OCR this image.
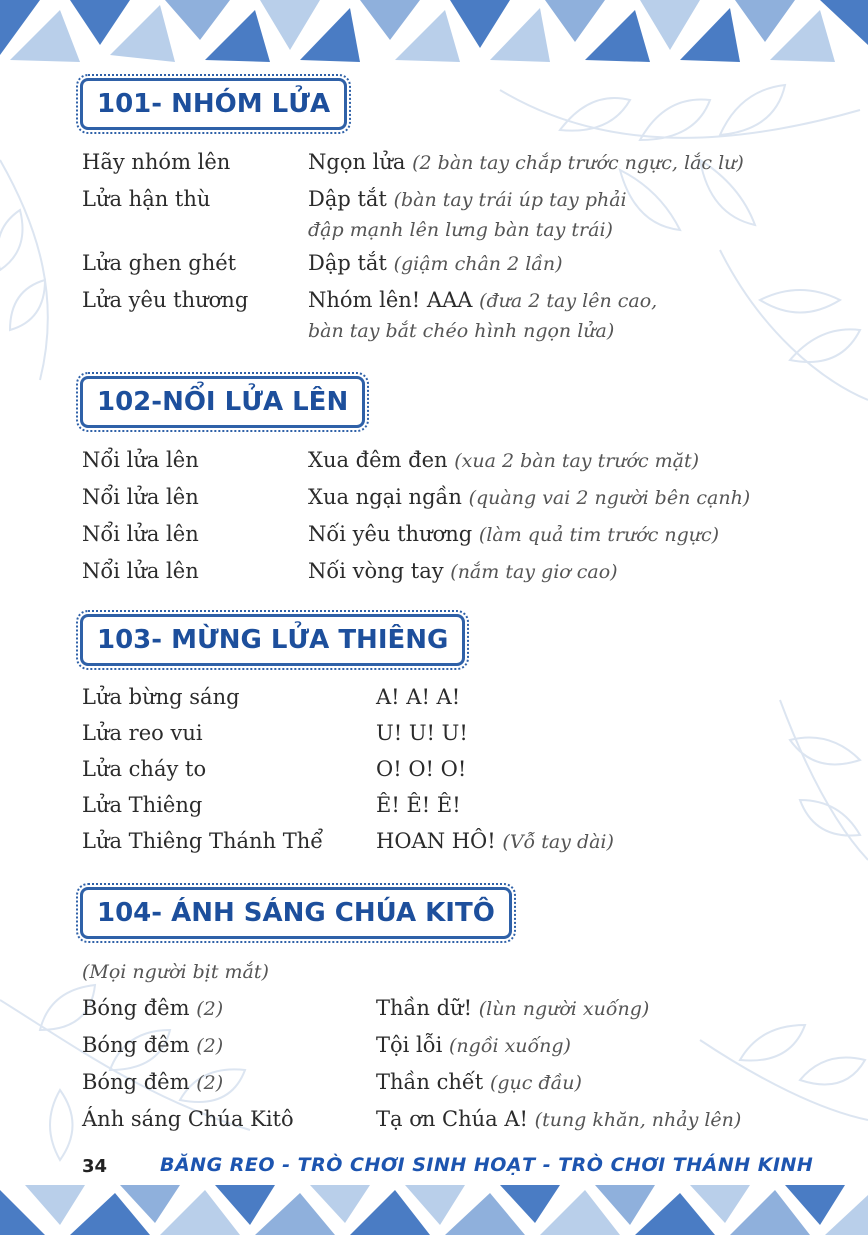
101- NHÓM LỬA
Hãy nhóm lên	Ngọn lửa (2 bàn tay chắp trước ngực, lắc lư)
Lửa hận thù	Dập tắt (bàn tay trái úp tay phải
đập mạnh lên lưng bàn tay trái)
Lửa ghen ghét	Dập tắt (giậm chân 2 lần)
Lửa yêu thương	Nhóm lên! AAA (đưa 2 tay lên cao,
bàn tay bắt chéo hình ngọn lửa)
102-NỔI LỬA LÊN
Nổi lửa lên	Xua đêm đen (xua 2 bàn tay trước mặt)
Nổi lửa lên	Xua ngại ngần (quàng vai 2 người bên cạnh)
Nổi lửa lên	Nối yêu thương (làm quả tim trước ngực)
Nổi lửa lên	Nối vòng tay (nắm tay giơ cao)
103- MỪNG LỬA THIÊNG
Lửa bừng sáng	A! A! A!
Lửa reo vui	U! U! U!
Lửa cháy to	O! O! O!
Lửa Thiêng	Ê! Ê! Ê!
Lửa Thiêng Thánh Thể	HOAN HÔ! (Vỗ tay dài)
104- ÁNH SÁNG CHÚA KITÔ
(Mọi người bịt mắt)
Bóng đêm (2)	Thần dữ! (lùn người xuống)
Bóng đêm (2)	Tội lỗi (ngồi xuống)
Bóng đêm (2)	Thần chết (gục đầu)
Ánh sáng Chúa Kitô	Tạ ơn Chúa A! (tung khăn, nhảy lên)
34	BĂNG REO - TRÒ CHƠI SINH HOẠT - TRÒ CHƠI THÁNH KINH
